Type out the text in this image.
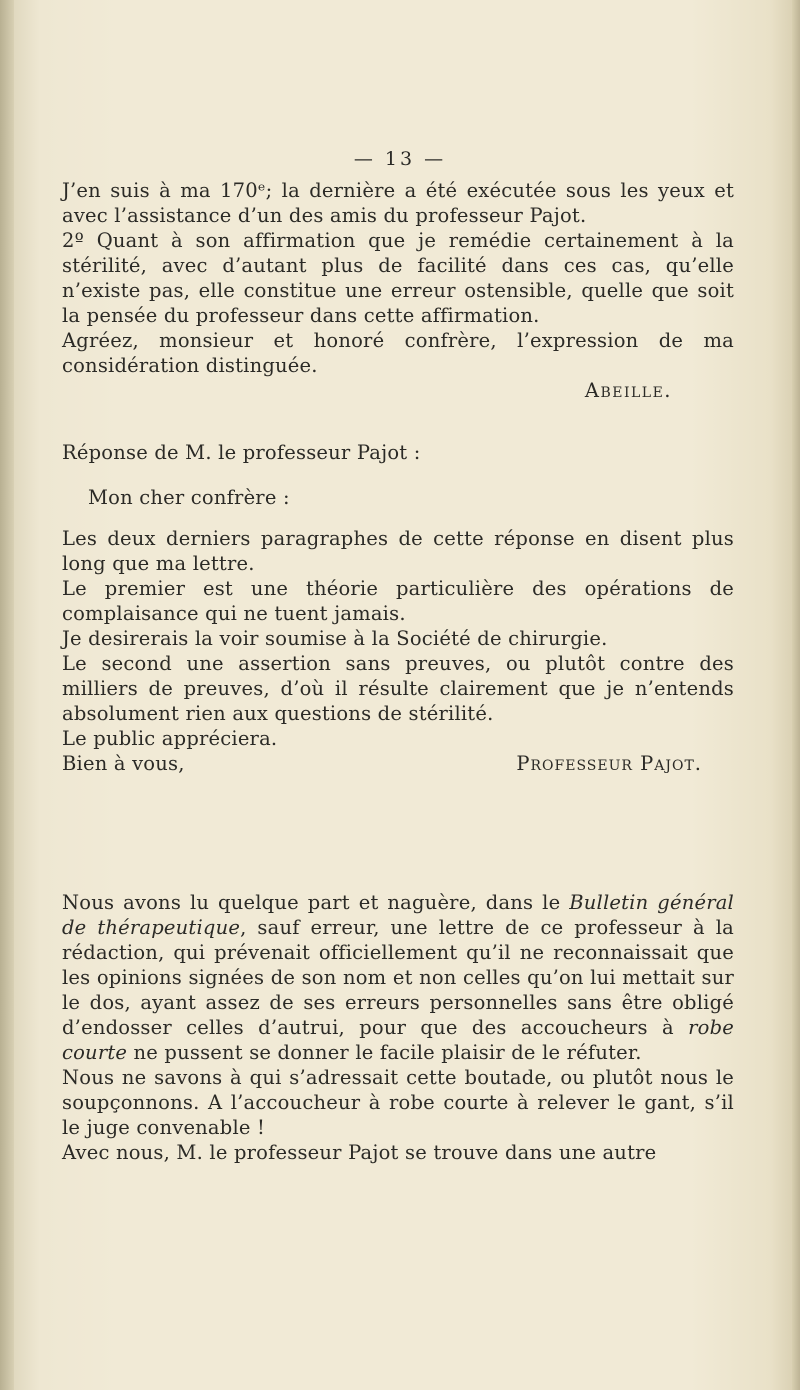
— 13 —

J’en suis à ma 170ᵉ; la dernière a été exécutée sous les yeux et avec l’assistance d’un des amis du professeur Pajot.

2º Quant à son affirmation que je remédie certainement à la stérilité, avec d’autant plus de facilité dans ces cas, qu’elle n’existe pas, elle constitue une erreur ostensible, quelle que soit la pensée du professeur dans cette affirmation.

Agréez, monsieur et honoré confrère, l’expression de ma considération distinguée.

Abeille.

Réponse de M. le professeur Pajot :

Mon cher confrère :

Les deux derniers paragraphes de cette réponse en disent plus long que ma lettre.

Le premier est une théorie particulière des opérations de complaisance qui ne tuent jamais.

Je desirerais la voir soumise à la Société de chirurgie.

Le second une assertion sans preuves, ou plutôt contre des milliers de preuves, d’où il résulte clairement que je n’entends absolument rien aux questions de stérilité.

Le public appréciera.

Bien à vous,	Professeur Pajot.

Nous avons lu quelque part et naguère, dans le Bulletin général de thérapeutique, sauf erreur, une lettre de ce professeur à la rédaction, qui prévenait officiellement qu’il ne reconnaissait que les opinions signées de son nom et non celles qu’on lui mettait sur le dos, ayant assez de ses erreurs personnelles sans être obligé d’endosser celles d’autrui, pour que des accoucheurs à robe courte ne pussent se donner le facile plaisir de le réfuter.

Nous ne savons à qui s’adressait cette boutade, ou plutôt nous le soupçonnons. A l’accoucheur à robe courte à relever le gant, s’il le juge convenable !

Avec nous, M. le professeur Pajot se trouve dans une autre
